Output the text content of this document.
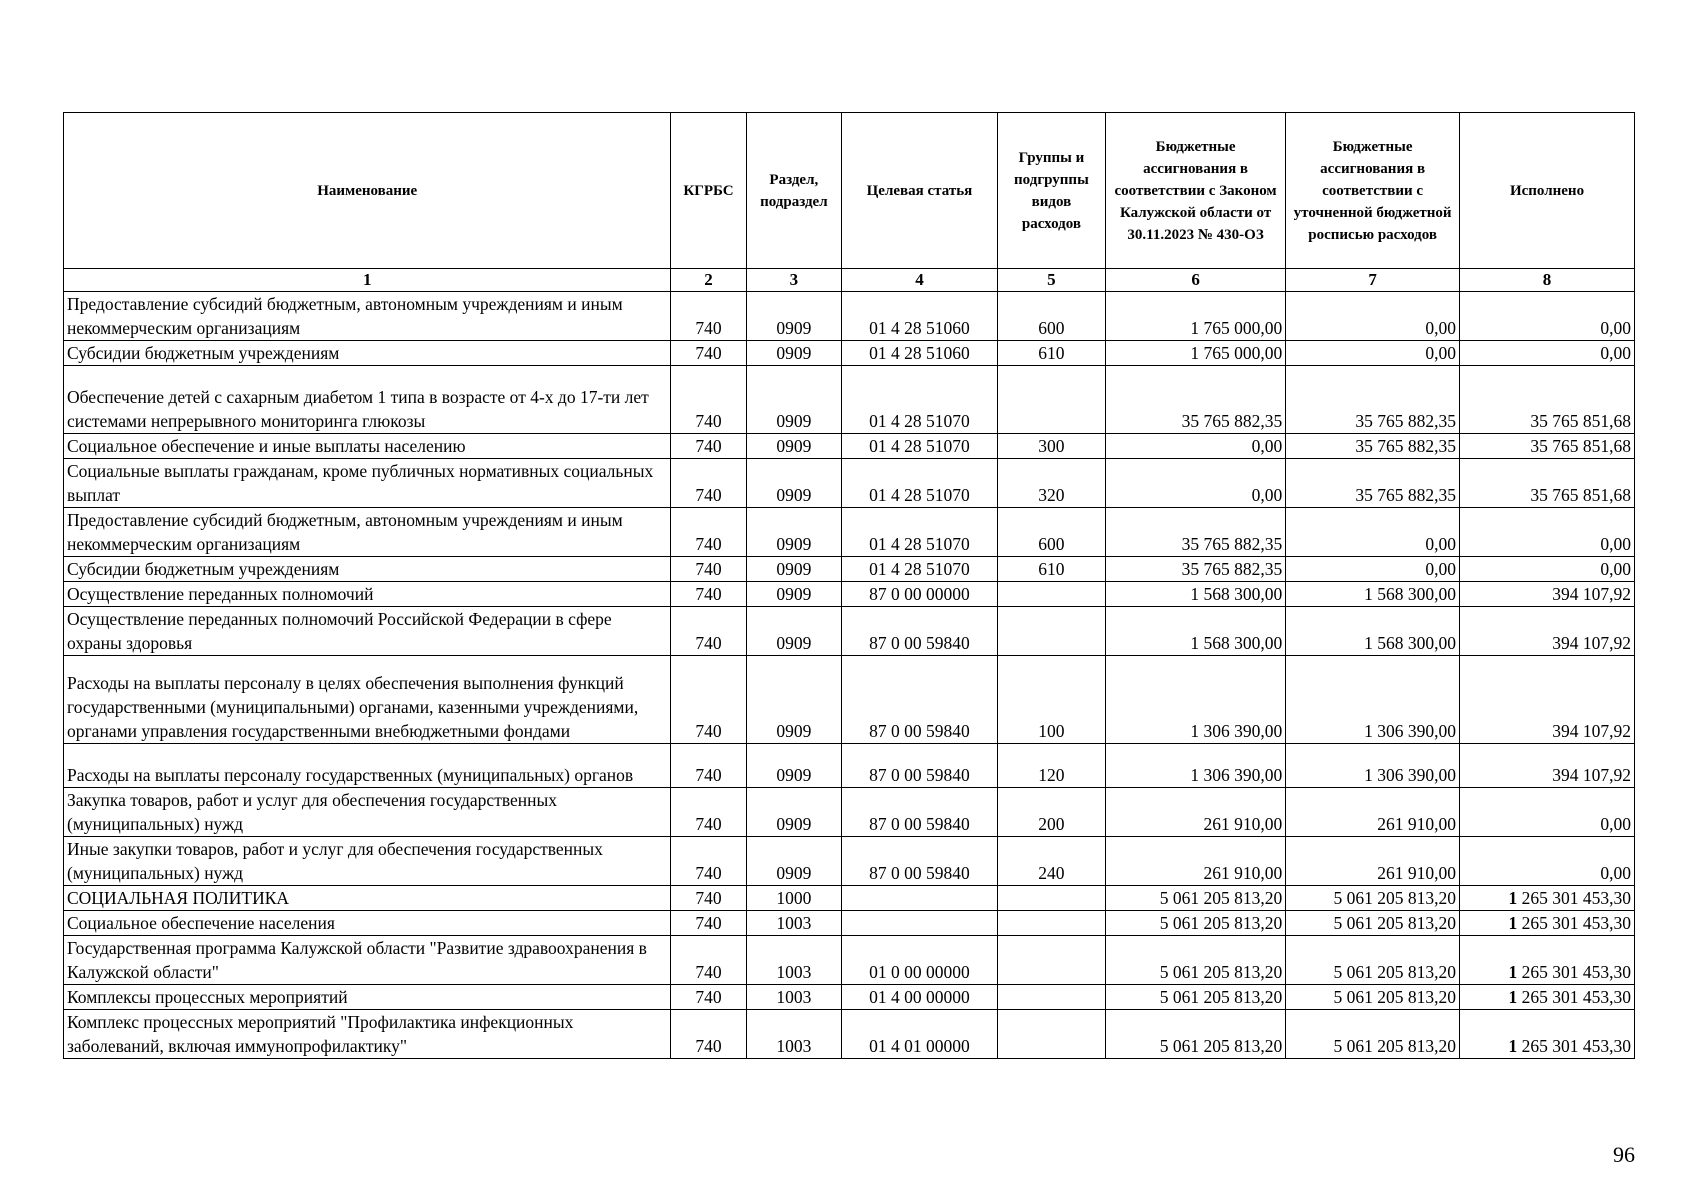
Наименование	КГРБС	Раздел, подраздел	Целевая статья	Группы и подгруппы видов расходов	Бюджетные ассигнования в соответствии с Законом Калужской области от 30.11.2023 № 430-ОЗ	Бюджетные ассигнования в соответствии с уточненной бюджетной росписью расходов	Исполнено
1	2	3	4	5	6	7	8
Предоставление субсидий бюджетным, автономным учреждениям и иным некоммерческим организациям	740	0909	01 4 28 51060	600	1 765 000,00	0,00	0,00
Субсидии бюджетным учреждениям	740	0909	01 4 28 51060	610	1 765 000,00	0,00	0,00
Обеспечение детей с сахарным диабетом 1 типа в возрасте от 4-х до 17-ти лет системами непрерывного мониторинга глюкозы	740	0909	01 4 28 51070		35 765 882,35	35 765 882,35	35 765 851,68
Социальное обеспечение и иные выплаты населению	740	0909	01 4 28 51070	300	0,00	35 765 882,35	35 765 851,68
Социальные выплаты гражданам, кроме публичных нормативных социальных выплат	740	0909	01 4 28 51070	320	0,00	35 765 882,35	35 765 851,68
Предоставление субсидий бюджетным, автономным учреждениям и иным некоммерческим организациям	740	0909	01 4 28 51070	600	35 765 882,35	0,00	0,00
Субсидии бюджетным учреждениям	740	0909	01 4 28 51070	610	35 765 882,35	0,00	0,00
Осуществление переданных полномочий	740	0909	87 0 00 00000		1 568 300,00	1 568 300,00	394 107,92
Осуществление переданных полномочий Российской Федерации в сфере охраны здоровья	740	0909	87 0 00 59840		1 568 300,00	1 568 300,00	394 107,92
Расходы на выплаты персоналу в целях обеспечения выполнения функций государственными (муниципальными) органами, казенными учреждениями, органами управления государственными внебюджетными фондами	740	0909	87 0 00 59840	100	1 306 390,00	1 306 390,00	394 107,92
Расходы на выплаты персоналу государственных (муниципальных) органов	740	0909	87 0 00 59840	120	1 306 390,00	1 306 390,00	394 107,92
Закупка товаров, работ и услуг для обеспечения государственных (муниципальных) нужд	740	0909	87 0 00 59840	200	261 910,00	261 910,00	0,00
Иные закупки товаров, работ и услуг для обеспечения государственных (муниципальных) нужд	740	0909	87 0 00 59840	240	261 910,00	261 910,00	0,00
СОЦИАЛЬНАЯ ПОЛИТИКА	740	1000			5 061 205 813,20	5 061 205 813,20	1 265 301 453,30
Социальное обеспечение населения	740	1003			5 061 205 813,20	5 061 205 813,20	1 265 301 453,30
Государственная программа Калужской области "Развитие здравоохранения в Калужской области"	740	1003	01 0 00 00000		5 061 205 813,20	5 061 205 813,20	1 265 301 453,30
Комплексы процессных мероприятий	740	1003	01 4 00 00000		5 061 205 813,20	5 061 205 813,20	1 265 301 453,30
Комплекс процессных мероприятий "Профилактика инфекционных заболеваний, включая иммунопрофилактику"	740	1003	01 4 01 00000		5 061 205 813,20	5 061 205 813,20	1 265 301 453,30
96
